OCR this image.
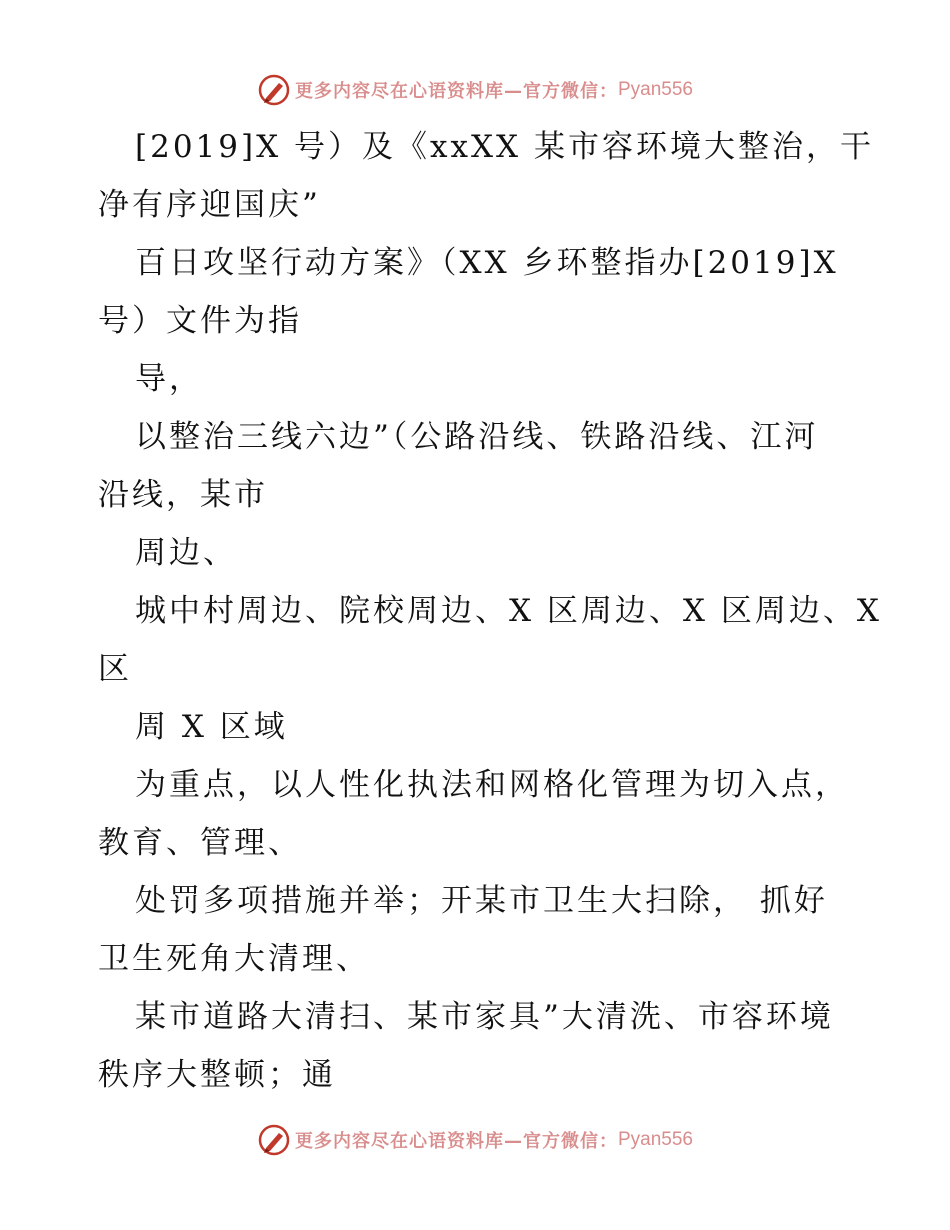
更多内容尽在心语资料库—官方微信： Pyan556
[2019]X 号）及《xxXX 某市容环境大整治，干
净有序迎国庆”
百日攻坚行动方案》（XX 乡环整指办[2019]X
号）文件为指
导，
以整治三线六边”（公路沿线、铁路沿线、江河
沿线，某市
周边、
城中村周边、院校周边、X 区周边、X 区周边、X
区
周 X 区域
为重点，以人性化执法和网格化管理为切入点，
教育、管理、
处罚多项措施并举；开某市卫生大扫除， 抓好
卫生死角大清理、
某市道路大清扫、某市家具”大清洗、市容环境
秩序大整顿；通
更多内容尽在心语资料库—官方微信： Pyan556
